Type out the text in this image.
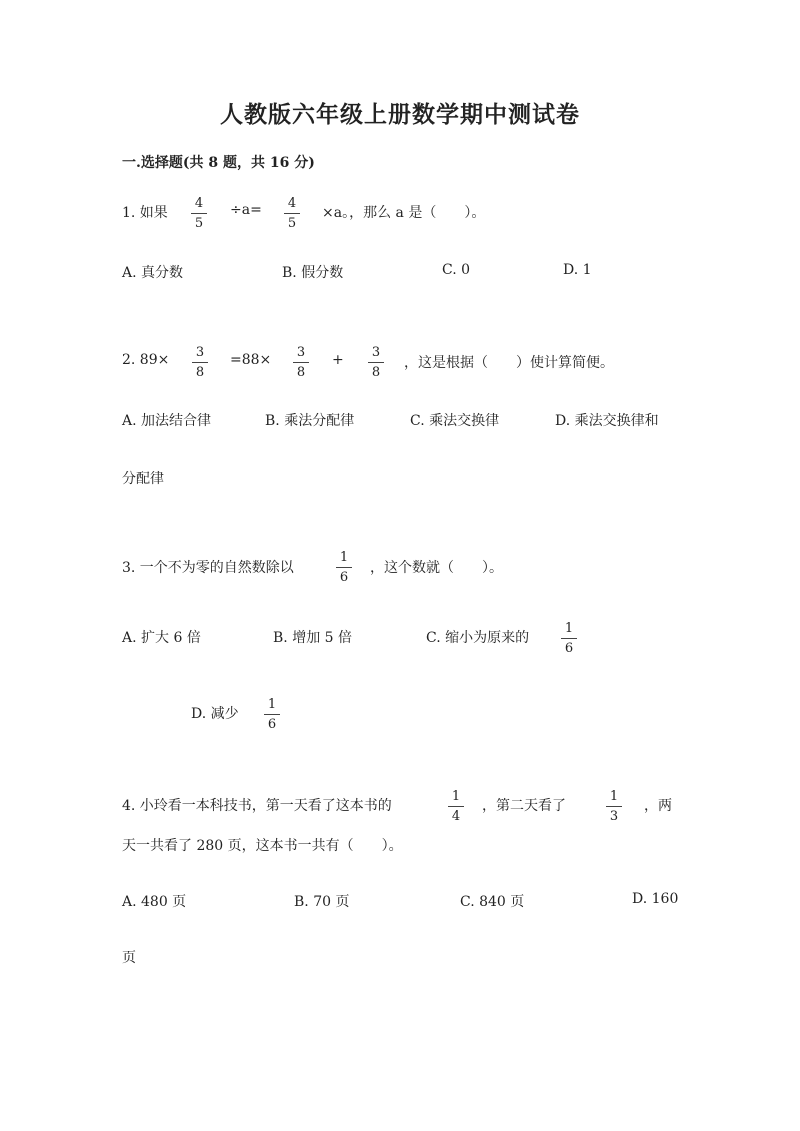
人教版六年级上册数学期中测试卷
一.选择题(共 8 题，共 16 分)
1. 如果
4
5
÷a=	4
5
×a。，那么 a 是（　　）。
A. 真分数	B. 假分数	C. 0	D. 1
2. 89×	3
8
=88×	3
8
+	3
8
，这是根据（　　）使计算简便。
A. 加法结合律	B. 乘法分配律	C. 乘法交换律	D. 乘法交换律和
分配律
3. 一个不为零的自然数除以
1
6
，这个数就（　　）。
A. 扩大 6 倍	B. 增加 5 倍	C. 缩小为原来的
1
6
D. 减少
1
6
4. 小玲看一本科技书，第一天看了这本书的
1
4
，第二天看了
1
3
，两
天一共看了 280 页，这本书一共有（　　）。
A. 480 页	B. 70 页	C. 840 页	D. 160
页
